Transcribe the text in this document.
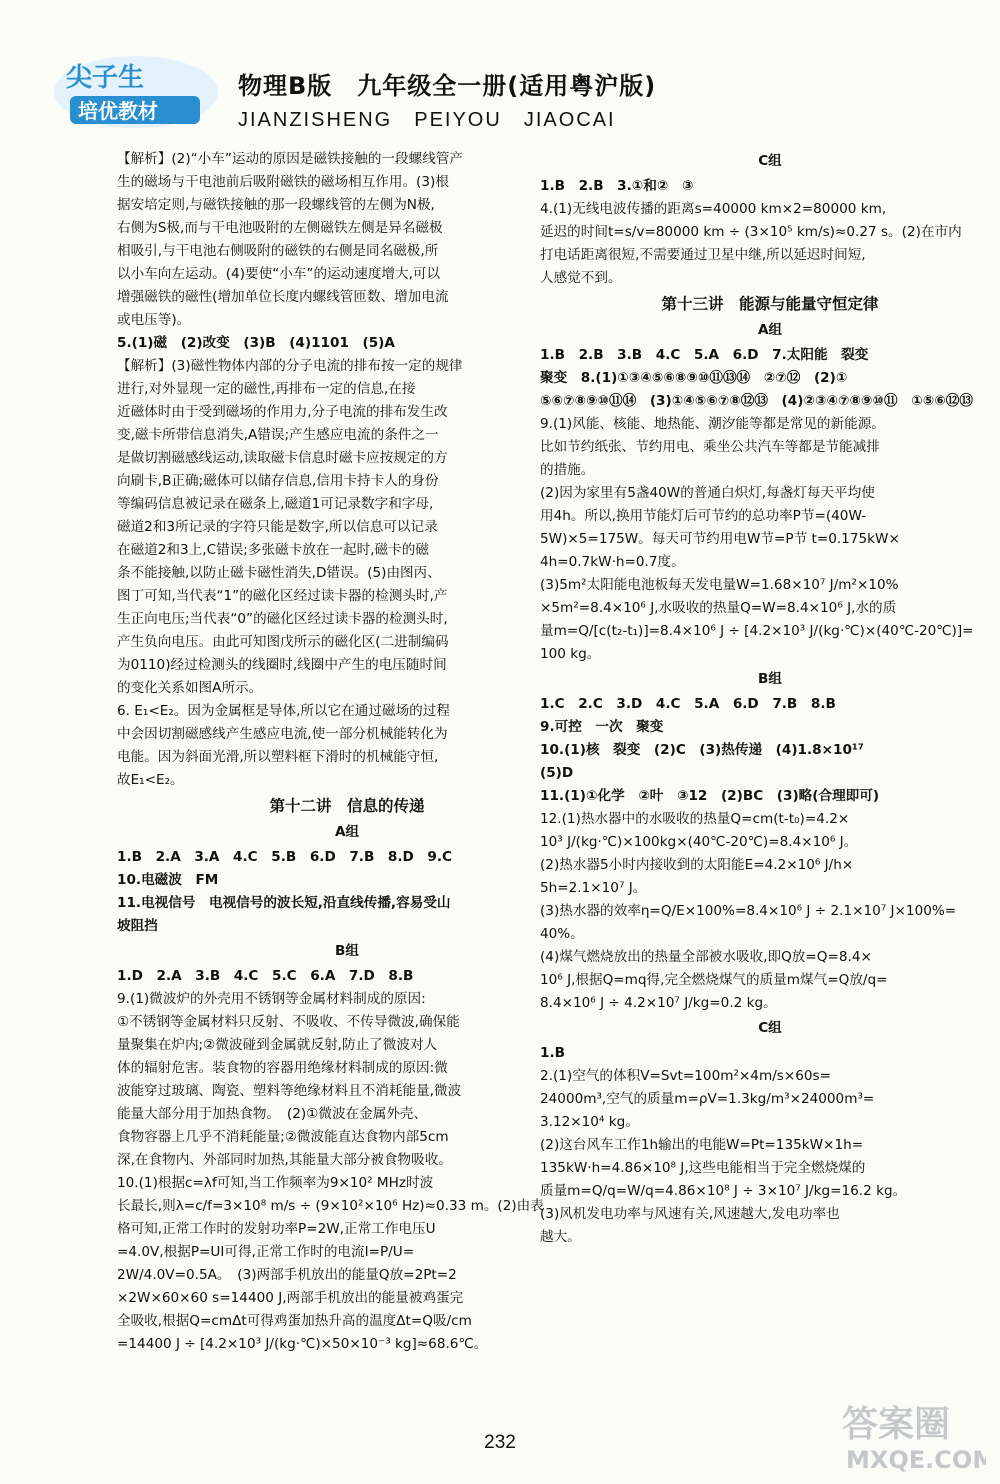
尖子生
培优教材
物理B版　九年级全一册(适用粤沪版)
JIANZISHENG　PEIYOU　JIAOCAI

【解析】(2)“小车”运动的原因是磁铁接触的一段螺线管产

生的磁场与干电池前后吸附磁铁的磁场相互作用。(3)根

据安培定则,与磁铁接触的那一段螺线管的左侧为N极,

右侧为S极,而与干电池吸附的左侧磁铁左侧是异名磁极

相吸引,与干电池右侧吸附的磁铁的右侧是同名磁极,所

以小车向左运动。(4)要使“小车”的运动速度增大,可以

增强磁铁的磁性(增加单位长度内螺线管匝数、增加电流

或电压等)。

5.(1)磁　(2)改变　(3)B　(4)1101　(5)A

【解析】(3)磁性物体内部的分子电流的排布按一定的规律

进行,对外显现一定的磁性,再排布一定的信息,在接

近磁体时由于受到磁场的作用力,分子电流的排布发生改

变,磁卡所带信息消失,A错误;产生感应电流的条件之一

是做切割磁感线运动,读取磁卡信息时磁卡应按规定的方

向刷卡,B正确;磁体可以储存信息,信用卡持卡人的身份

等编码信息被记录在磁条上,磁道1可记录数字和字母,

磁道2和3所记录的字符只能是数字,所以信息可以记录

在磁道2和3上,C错误;多张磁卡放在一起时,磁卡的磁

条不能接触,以防止磁卡磁性消失,D错误。(5)由图丙、

图丁可知,当代表“1”的磁化区经过读卡器的检测头时,产

生正向电压;当代表“0”的磁化区经过读卡器的检测头时,

产生负向电压。由此可知图戊所示的磁化区(二进制编码

为0110)经过检测头的线圈时,线圈中产生的电压随时间

的变化关系如图A所示。

6. E₁<E₂。因为金属框是导体,所以它在通过磁场的过程

中会因切割磁感线产生感应电流,使一部分机械能转化为

电能。因为斜面光滑,所以塑料框下滑时的机械能守恒,

故E₁<E₂。

第十二讲　信息的传递

A组

1.B　2.A　3.A　4.C　5.B　6.D　7.B　8.D　9.C

10.电磁波　FM

11.电视信号　电视信号的波长短,沿直线传播,容易受山

坡阻挡

B组

1.D　2.A　3.B　4.C　5.C　6.A　7.D　8.B

9.(1)微波炉的外壳用不锈钢等金属材料制成的原因:

①不锈钢等金属材料只反射、不吸收、不传导微波,确保能

量聚集在炉内;②微波碰到金属就反射,防止了微波对人

体的辐射危害。装食物的容器用绝缘材料制成的原因:微

波能穿过玻璃、陶瓷、塑料等绝缘材料且不消耗能量,微波

能量大部分用于加热食物。　(2)①微波在金属外壳、

食物容器上几乎不消耗能量;②微波能直达食物内部5cm

深,在食物内、外部同时加热,其能量大部分被食物吸收。

10.(1)根据c=λf可知,当工作频率为9×10² MHz时波

长最长,则λ=c/f=3×10⁸ m/s ÷ (9×10²×10⁶ Hz)≈0.33 m。(2)由表

格可知,正常工作时的发射功率P=2W,正常工作电压U

=4.0V,根据P=UI可得,正常工作时的电流I=P/U=

2W/4.0V=0.5A。　(3)两部手机放出的能量Q放=2Pt=2

×2W×60×60 s=14400 J,两部手机放出的能量被鸡蛋完

全吸收,根据Q=cmΔt可得鸡蛋加热升高的温度Δt=Q吸/cm

=14400 J ÷ [4.2×10³ J/(kg·℃)×50×10⁻³ kg]≈68.6℃。

C组

1.B　2.B　3.①和②　③

4.(1)无线电波传播的距离s=40000 km×2=80000 km,

延迟的时间t=s/v=80000 km ÷ (3×10⁵ km/s)≈0.27 s。(2)在市内

打电话距离很短,不需要通过卫星中继,所以延迟时间短,

人感觉不到。

第十三讲　能源与能量守恒定律

A组

1.B　2.B　3.B　4.C　5.A　6.D　7.太阳能　裂变

聚变　8.(1)①③④⑤⑥⑧⑨⑩⑪⑬⑭　②⑦⑫　(2)①

⑤⑥⑦⑧⑨⑩⑪⑭　(3)①④⑤⑥⑦⑧⑫⑬　(4)②③④⑦⑧⑨⑩⑪　①⑤⑥⑫⑬

9.(1)风能、核能、地热能、潮汐能等都是常见的新能源。

比如节约纸张、节约用电、乘坐公共汽车等都是节能减排

的措施。

(2)因为家里有5盏40W的普通白炽灯,每盏灯每天平均使

用4h。所以,换用节能灯后可节约的总功率P节=(40W-

5W)×5=175W。每天可节约用电W节=P节 t=0.175kW×

4h=0.7kW·h=0.7度。

(3)5m²太阳能电池板每天发电量W=1.68×10⁷ J/m²×10%

×5m²=8.4×10⁶ J,水吸收的热量Q=W=8.4×10⁶ J,水的质

量m=Q/[c(t₂-t₁)]=8.4×10⁶ J ÷ [4.2×10³ J/(kg·℃)×(40℃-20℃)]=

100 kg。

B组

1.C　2.C　3.D　4.C　5.A　6.D　7.B　8.B

9.可控　一次　聚变

10.(1)核　裂变　(2)C　(3)热传递　(4)1.8×10¹⁷

(5)D

11.(1)①化学　②叶　③12　(2)BC　(3)略(合理即可)

12.(1)热水器中的水吸收的热量Q=cm(t-t₀)=4.2×

10³ J/(kg·℃)×100kg×(40℃-20℃)=8.4×10⁶ J。

(2)热水器5小时内接收到的太阳能E=4.2×10⁶ J/h×

5h=2.1×10⁷ J。

(3)热水器的效率η=Q/E×100%=8.4×10⁶ J ÷ 2.1×10⁷ J×100%=

40%。

(4)煤气燃烧放出的热量全部被水吸收,即Q放=Q=8.4×

10⁶ J,根据Q=mq得,完全燃烧煤气的质量m煤气=Q放/q=

8.4×10⁶ J ÷ 4.2×10⁷ J/kg=0.2 kg。

C组

1.B

2.(1)空气的体积V=Svt=100m²×4m/s×60s=

24000m³,空气的质量m=ρV=1.3kg/m³×24000m³=

3.12×10⁴ kg。

(2)这台风车工作1h输出的电能W=Pt=135kW×1h=

135kW·h=4.86×10⁸ J,这些电能相当于完全燃烧煤的

质量m=Q/q=W/q=4.86×10⁸ J ÷ 3×10⁷ J/kg=16.2 kg。

(3)风机发电功率与风速有关,风速越大,发电功率也

越大。

232	答案圈
MXQE.COM
